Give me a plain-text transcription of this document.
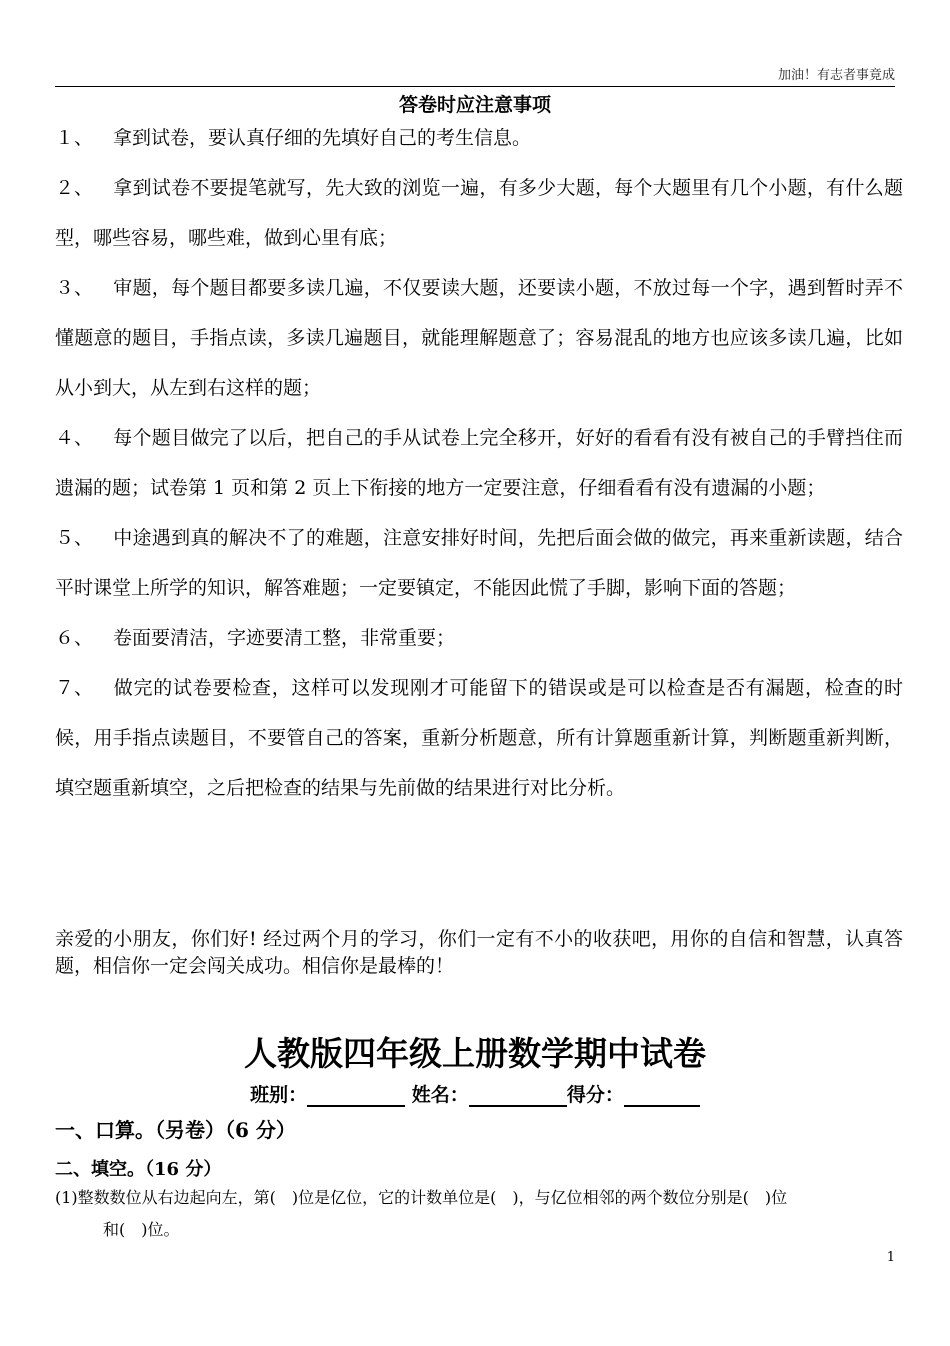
加油！有志者事竟成
答卷时应注意事项

１、 拿到试卷，要认真仔细的先填好自己的考生信息。

２、 拿到试卷不要提笔就写，先大致的浏览一遍，有多少大题，每个大题里有几个小题，有什么题型，哪些容易，哪些难，做到心里有底；

３、 审题，每个题目都要多读几遍，不仅要读大题，还要读小题，不放过每一个字，遇到暂时弄不懂题意的题目，手指点读，多读几遍题目，就能理解题意了；容易混乱的地方也应该多读几遍，比如从小到大，从左到右这样的题；

４、 每个题目做完了以后，把自己的手从试卷上完全移开，好好的看看有没有被自己的手臂挡住而遗漏的题；试卷第 1 页和第 2 页上下衔接的地方一定要注意，仔细看看有没有遗漏的小题；

５、 中途遇到真的解决不了的难题，注意安排好时间，先把后面会做的做完，再来重新读题，结合平时课堂上所学的知识，解答难题；一定要镇定，不能因此慌了手脚，影响下面的答题；

６、 卷面要清洁，字迹要清工整，非常重要；

７、 做完的试卷要检查，这样可以发现刚才可能留下的错误或是可以检查是否有漏题，检查的时候，用手指点读题目，不要管自己的答案，重新分析题意，所有计算题重新计算，判断题重新判断，填空题重新填空，之后把检查的结果与先前做的结果进行对比分析。

亲爱的小朋友，你们好! 经过两个月的学习，你们一定有不小的收获吧，用你的自信和智慧，认真答题，相信你一定会闯关成功。相信你是最棒的！
人教版四年级上册数学期中试卷
班别：	姓名：	得分：
一、口算。（另卷）（6 分）
二、填空。（16 分）
(1)整数数位从右边起向左，第(　)位是亿位，它的计数单位是(　)，与亿位相邻的两个数位分别是(　)位
和(　)位。
1
